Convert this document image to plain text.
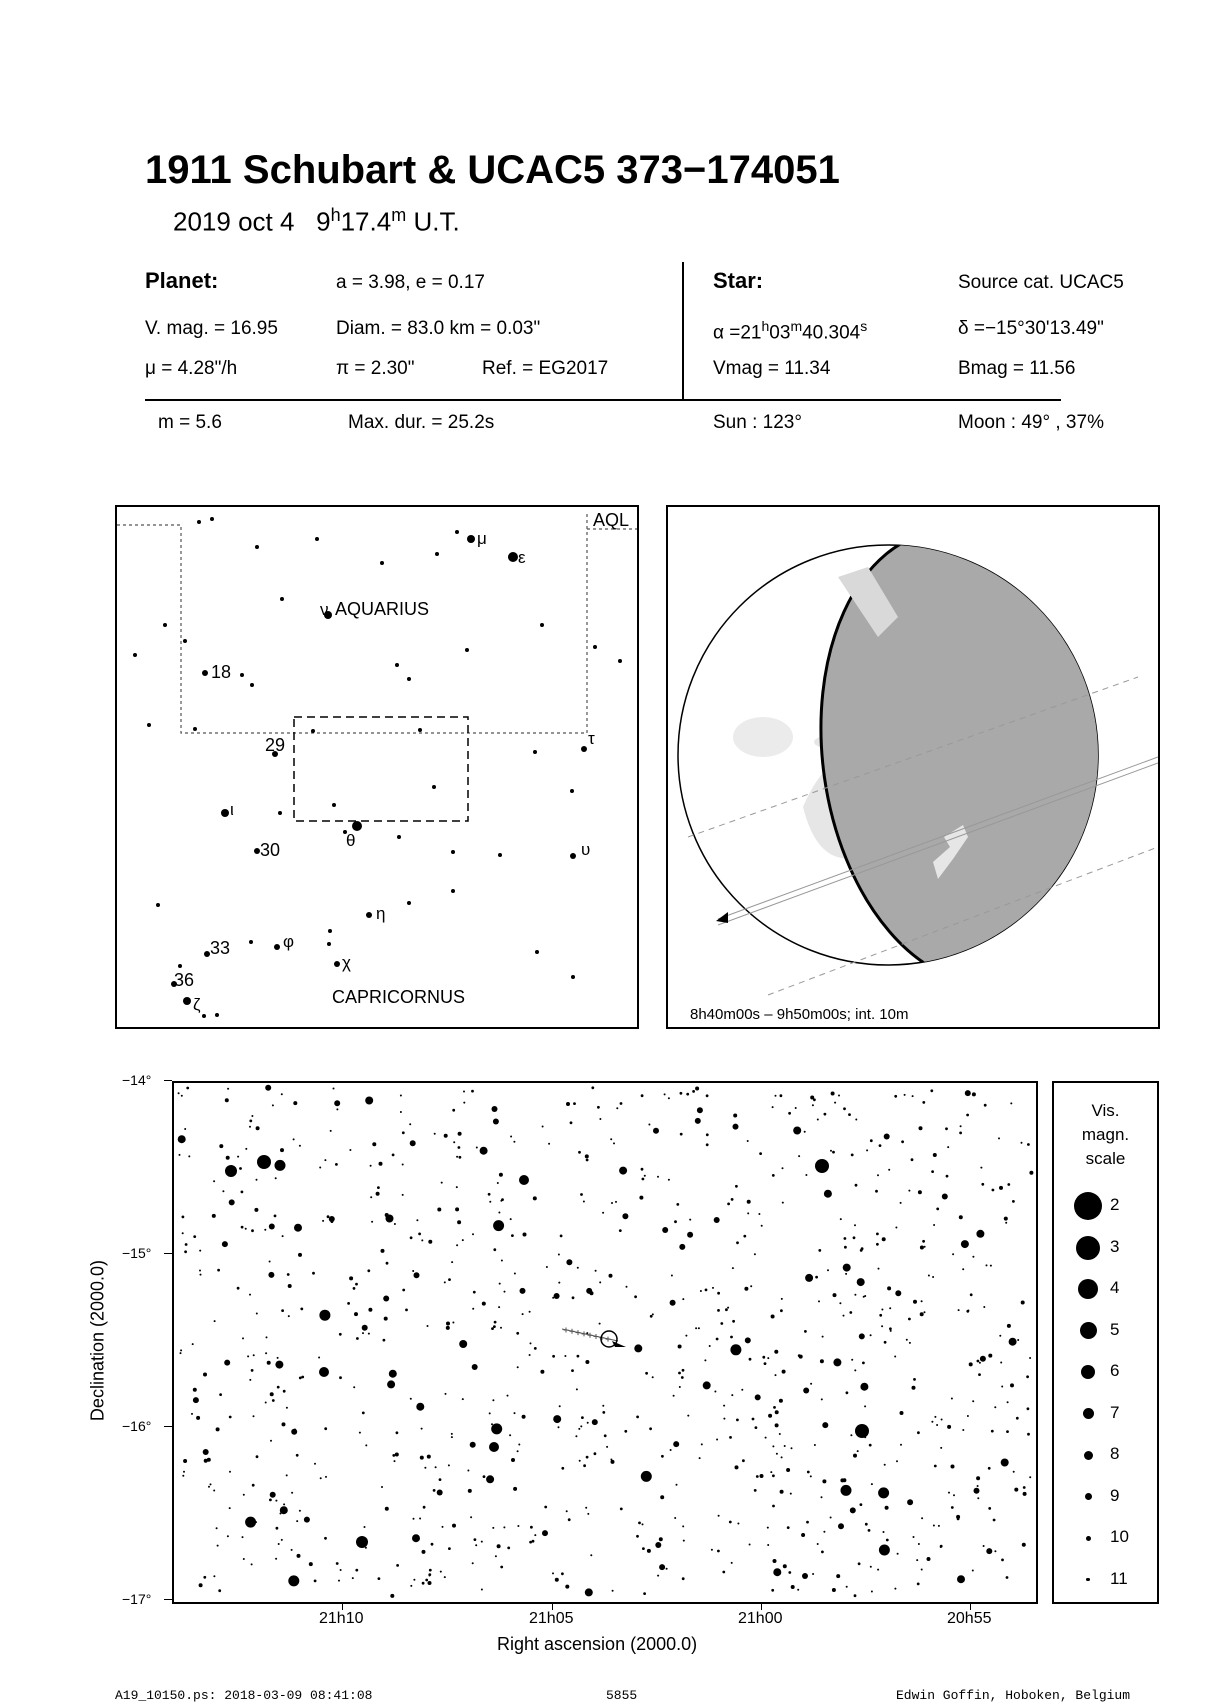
1911 Schubart & UCAC5 373−174051
2019 oct 4 9$^h$17.4$^m$ U.T.
Planet:	a = 3.98, e = 0.17
V. mag. = 16.95	Diam. = 83.0 km = 0.03"
μ = 4.28"/h	π = 2.30"	Ref. = EG2017
Star:	Source cat. UCAC5
$\alpha =21^h03^m40.304^s$	δ =−15°30'13.49"
Vmag = 11.34	Bmag = 11.56
m = 5.6	Max. dur. = 25.2s	Sun : 123°	Moon : 49° , 37%
AQL
AQUARIUS
CAPRICORNUS
μ
ε
ν
18
29	τ
ι
θ
30	υ
η
33	φ
χ
36
ζ
8h40m00s – 9h50m00s; int. 10m
−14°
−15°
−16°
−17°
21h10	21h05	21h00	20h55
Right ascension (2000.0)
Declination (2000.0)
Vis.
magn.
scale
2
3
4
5
6
7
8
9
10
11
A19_10150.ps: 2018-03-09 08:41:08	5855	Edwin Goffin, Hoboken, Belgium
